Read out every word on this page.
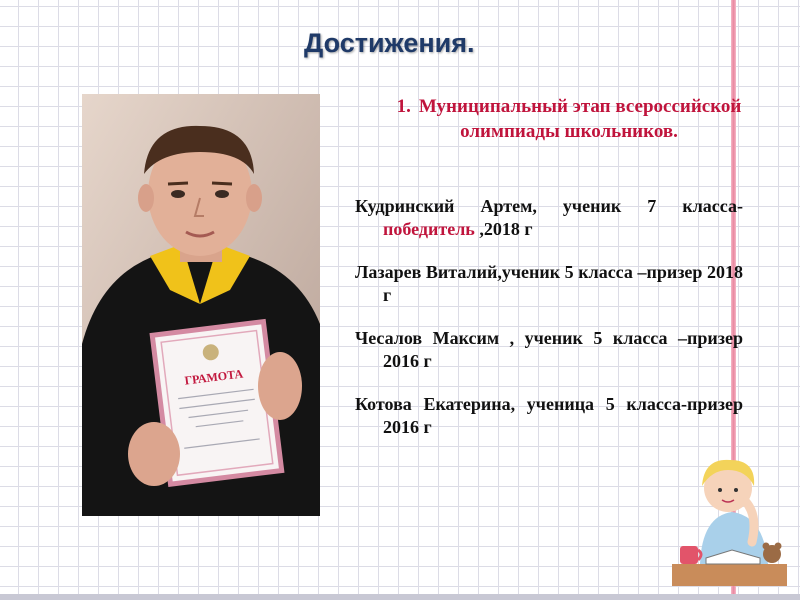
Достижения.
ГРАМОТА
1. Муниципальный этап всероссийской олимпиады школьников.

Кудринский Артем, ученик 7 класса-победитель ,2018 г

Лазарев Виталий,ученик 5 класса –призер 2018 г

Чесалов Максим , ученик 5 класса –призер 2016 г

Котова Екатерина, ученица 5 класса-призер 2016 г
